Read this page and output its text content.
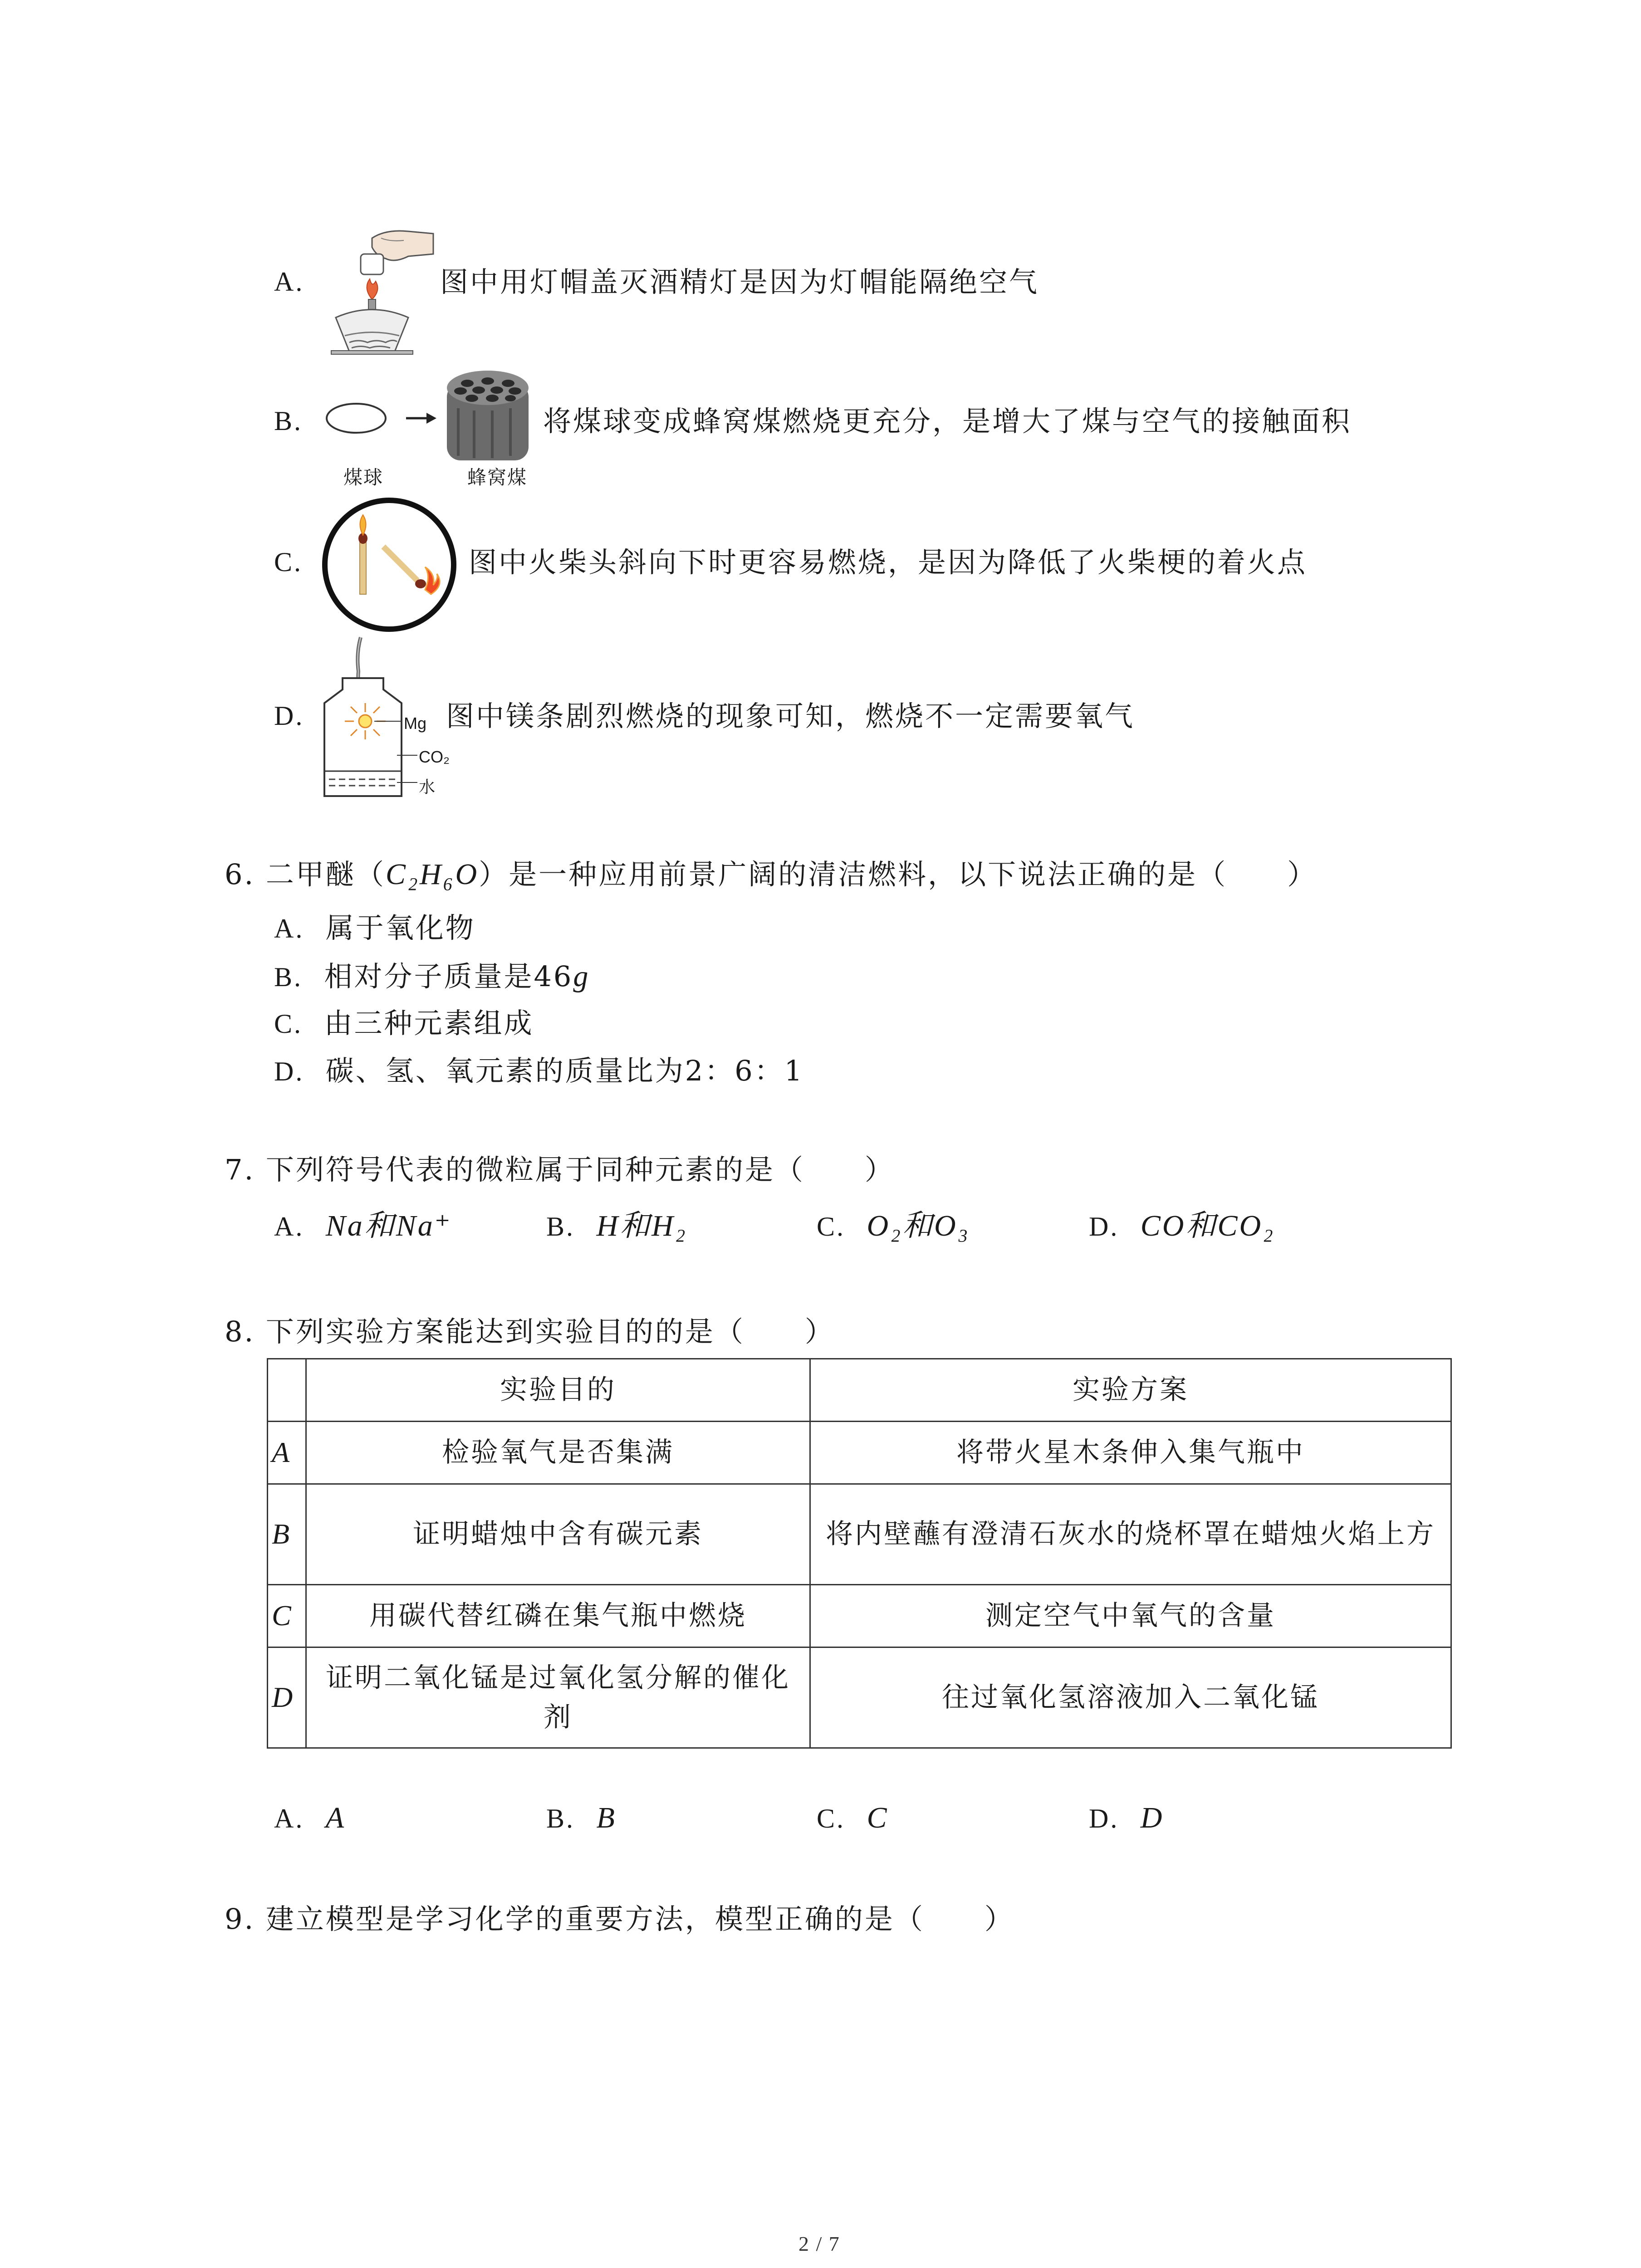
A.	图中用灯帽盖灭酒精灯是因为灯帽能隔绝空气
B.
煤球	蜂窝煤
将煤球变成蜂窝煤燃烧更充分，是增大了煤与空气的接触面积
C.	图中火柴头斜向下时更容易燃烧，是因为降低了火柴梗的着火点
D.	Mg
CO₂
水
图中镁条剧烈燃烧的现象可知，燃烧不一定需要氧气
6. 二甲醚（C₂H₆O）是一种应用前景广阔的清洁燃料，以下说法正确的是（　　）
A. 属于氧化物
B. 相对分子质量是46g
C. 由三种元素组成
D. 碳、氢、氧元素的质量比为2：6：1
7. 下列符号代表的微粒属于同种元素的是（　　）
A. Na和Na⁺	B. H和H₂	C. O₂和O₃	D. CO和CO₂
8. 下列实验方案能达到实验目的的是（　　）
	实验目的	实验方案
A	检验氧气是否集满	将带火星木条伸入集气瓶中
B	证明蜡烛中含有碳元素	将内壁蘸有澄清石灰水的烧杯罩在蜡烛火焰上方
C	用碳代替红磷在集气瓶中燃烧	测定空气中氧气的含量
D	证明二氧化锰是过氧化氢分解的催化剂	往过氧化氢溶液加入二氧化锰
A. A	B. B	C. C	D. D
9. 建立模型是学习化学的重要方法，模型正确的是（　　）
2 / 7
